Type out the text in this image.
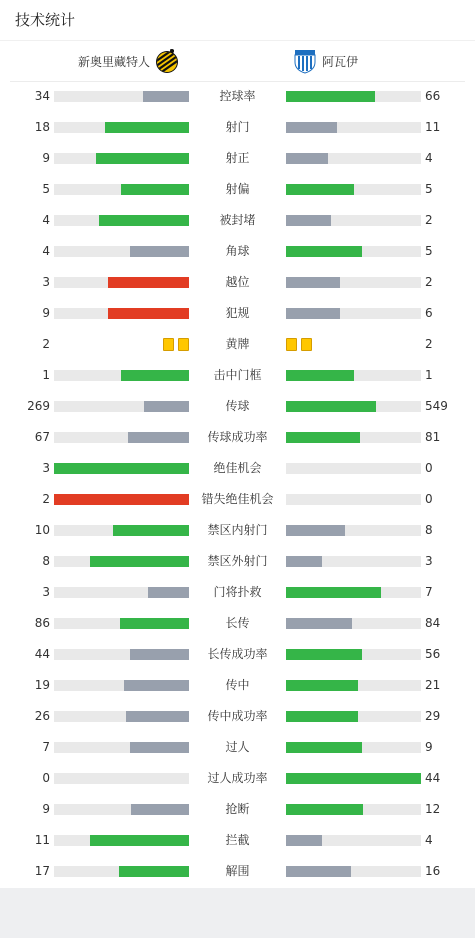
技术统计
新奥里藏特人	阿瓦伊
34	控球率	66
18	射门	11
9	射正	4
5	射偏	5
4	被封堵	2
4	角球	5
3	越位	2
9	犯规	6
2	黄牌	2
1	击中门框	1
269	传球	549
67	传球成功率	81
3	绝佳机会	0
2	错失绝佳机会	0
10	禁区内射门	8
8	禁区外射门	3
3	门将扑救	7
86	长传	84
44	长传成功率	56
19	传中	21
26	传中成功率	29
7	过人	9
0	过人成功率	44
9	抢断	12
11	拦截	4
17	解围	16
